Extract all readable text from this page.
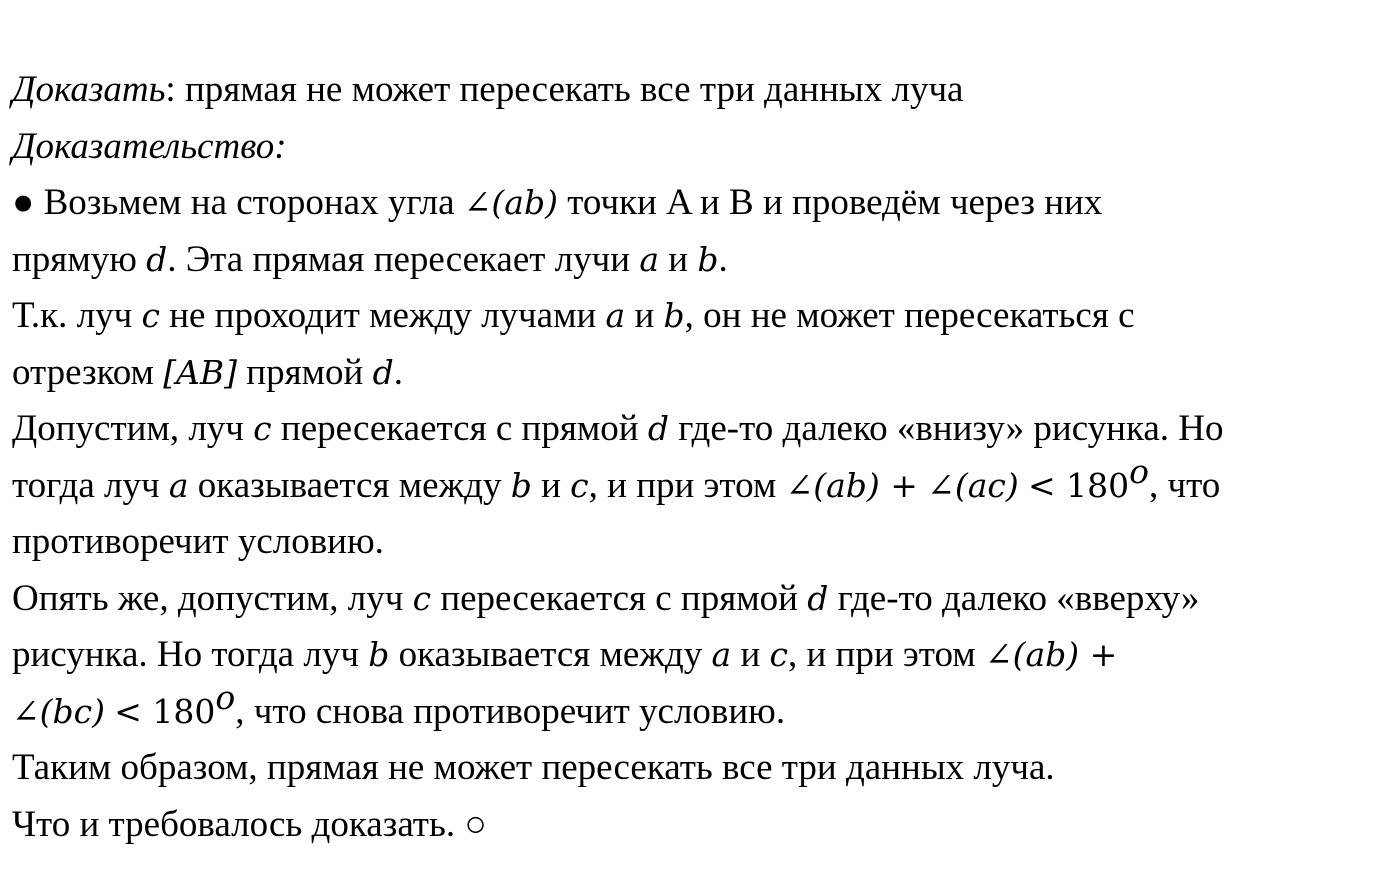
Доказать: прямая не может пересекать все три данных луча
Доказательство:
● Возьмем на сторонах угла ∠(ab) точки A и B и проведём через них
прямую d. Эта прямая пересекает лучи a и b.
Т.к. луч c не проходит между лучами a и b, он не может пересекаться с
отрезком [AB] прямой d.
Допустим, луч c пересекается с прямой d где-то далеко «внизу» рисунка. Но
тогда луч a оказывается между b и c, и при этом ∠(ab) + ∠(ac) < $180^o$, что
противоречит условию.
Опять же, допустим, луч c пересекается с прямой d где-то далеко «вверху»
рисунка. Но тогда луч b оказывается между a и c, и при этом ∠(ab) +
∠(bc) < $180^o$, что снова противоречит условию.
Таким образом, прямая не может пересекать все три данных луча.
Что и требовалось доказать. ○
